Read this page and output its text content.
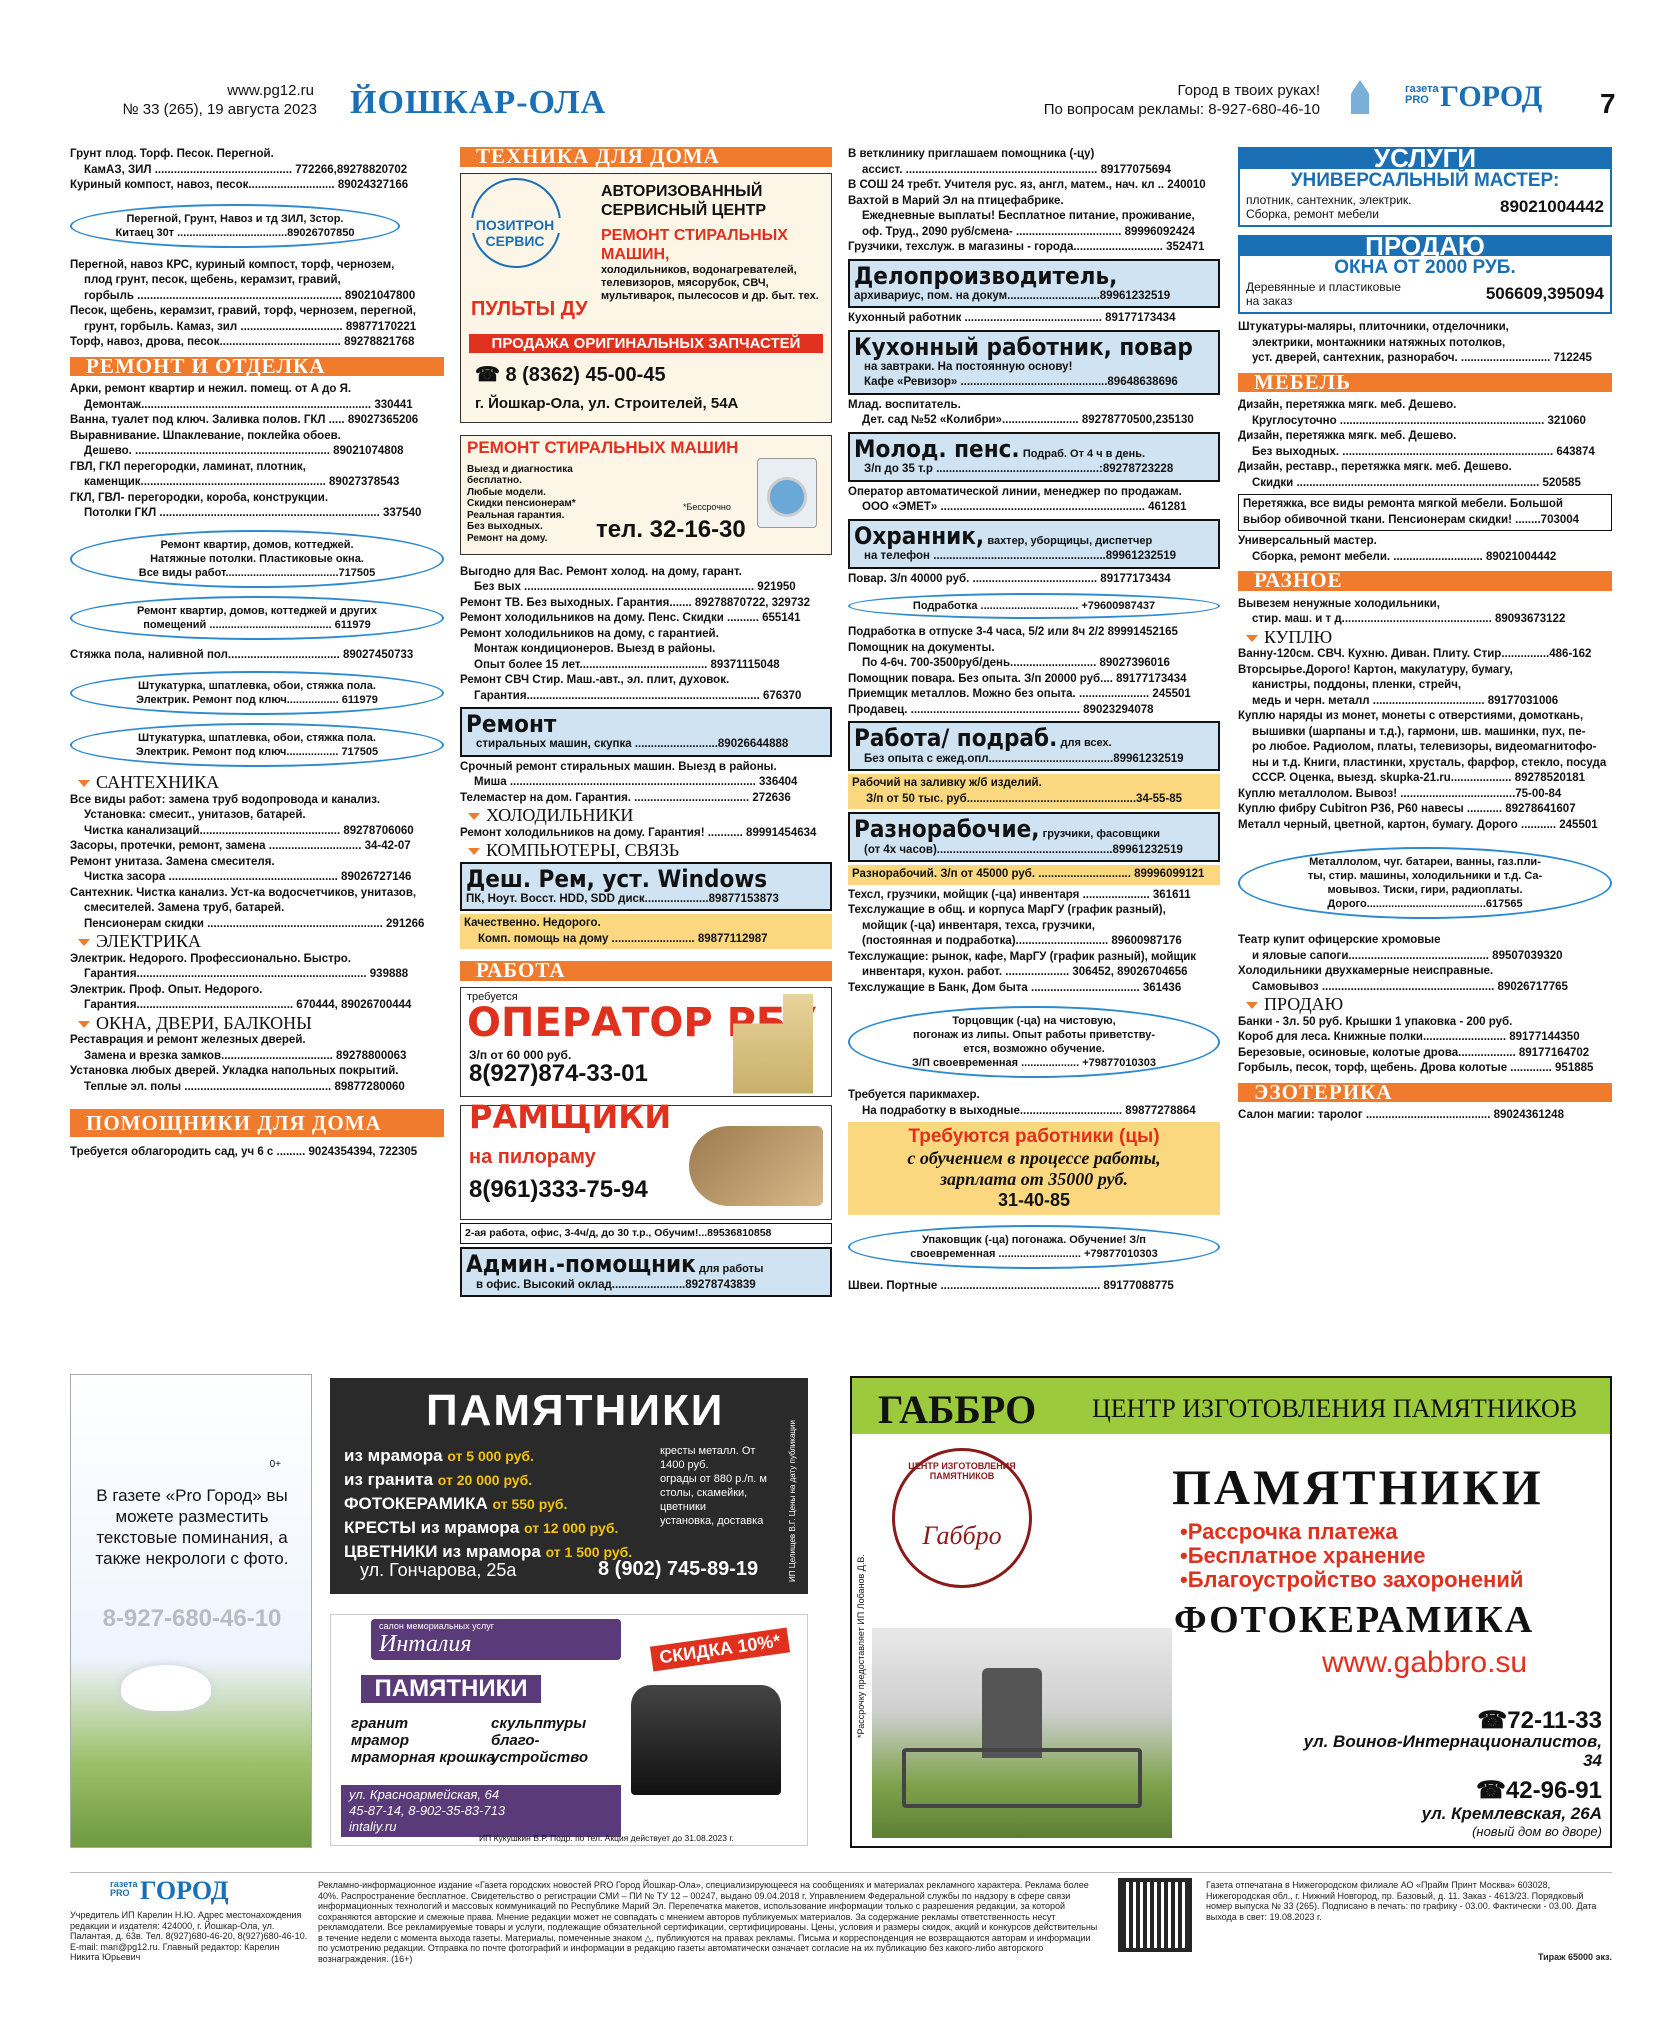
www.pg12.ru
№ 33 (265), 19 августа 2023 ЙОШКАР-ОЛА	Город в твоих руках!
По вопросам рекламы: 8-927-680-46-10
газета PRO ГОРОД 7
Грунт плод. Торф. Песок. Перегной.
КамАЗ, ЗИЛ ........................................... 772266,89278820702
Куриный компост, навоз, песок........................... 89024327166
Перегной, Грунт, Навоз и тд ЗИЛ, 3стор.
Китаец 30т ....................................89026707850
Перегной, навоз КРС, куриный компост, торф, чернозем,
плод грунт, песок, щебень, керамзит, гравий,
горбыль ................................................................ 89021047800
Песок, щебень, керамзит, гравий, торф, чернозем, перегной,
грунт, горбыль. Камаз, зил ................................ 89877170221
Торф, навоз, дрова, песок...................................... 89278821768
РЕМОНТ И ОТДЕЛКА
Арки, ремонт квартир и нежил. помещ. от А до Я.
Демонтаж........................................................................ 330441
Ванна, туалет под ключ. Заливка полов. ГКЛ ..... 89027365206
Выравнивание. Шпаклевание, поклейка обоев.
Дешево. ............................................................. 89021074808
ГВЛ, ГКЛ перегородки, ламинат, плотник,
каменщик.......................................................... 89027378543
ГКЛ, ГВЛ- перегородки, короба, конструкции.
Потолки ГКЛ ..................................................................... 337540
Ремонт квартир, домов, коттеджей.
Натяжные потолки. Пластиковые окна.
Все виды работ.....................................717505
Ремонт квартир, домов, коттеджей и других
помещений ........................................ 611979
Стяжка пола, наливной пол................................... 89027450733
Штукатурка, шпатлевка, обои, стяжка пола.
Электрик. Ремонт под ключ................. 611979
Штукатурка, шпатлевка, обои, стяжка пола.
Электрик. Ремонт под ключ................. 717505
САНТЕХНИКА
Все виды работ: замена труб водопровода и канализ.
Установка: смесит., унитазов, батарей.
Чистка канализаций............................................ 89278706060
Засоры, протечки, ремонт, замена ............................. 34-42-07
Ремонт унитаза. Замена смесителя.
Чистка засора ..................................................... 89026727146
Сантехник. Чистка канализ. Уст-ка водосчетчиков, унитазов,
смесителей. Замена труб, батарей.
Пенсионерам скидки ....................................................... 291266
ЭЛЕКТРИКА
Электрик. Недорого. Профессионально. Быстро.
Гарантия........................................................................ 939888
Электрик. Проф. Опыт. Недорого.
Гарантия................................................. 670444, 89026700444
ОКНА, ДВЕРИ, БАЛКОНЫ
Реставрация и ремонт железных дверей.
Замена и врезка замков................................... 89278800063
Установка любых дверей. Укладка напольных покрытий.
Теплые эл. полы .............................................. 89877280060
ПОМОЩНИКИ ДЛЯ ДОМА
Требуется облагородить сад, уч 6 с ......... 9024354394, 722305
ТЕХНИКА ДЛЯ ДОМА
ПОЗИТРОН
СЕРВИС
АВТОРИЗОВАННЫЙ СЕРВИСНЫЙ ЦЕНТР
РЕМОНТ СТИРАЛЬНЫХ МАШИН,
холодильников, водонагревателей, телевизоров, мясорубок, СВЧ, мультиварок, пылесосов и др. быт. тех.
ПУЛЬТЫ ДУ
ПРОДАЖА ОРИГИНАЛЬНЫХ ЗАПЧАСТЕЙ
☎ 8 (8362) 45-00-45
г. Йошкар-Ола, ул. Строителей, 54А
РЕМОНТ СТИРАЛЬНЫХ МАШИН
Выезд и диагностика бесплатно.
Любые модели.
Скидки пенсионерам*
Реальная гарантия.
Без выходных.
Ремонт на дому.
*Бессрочно
тел. 32-16-30
Выгодно для Вас. Ремонт холод. на дому, гарант.
Без вых ........................................................................ 921950
Ремонт ТВ. Без выходных. Гарантия....... 89278870722, 329732
Ремонт холодильников на дому. Пенс. Скидки .......... 655141
Ремонт холодильников на дому, с гарантией.
Монтаж кондиционеров. Выезд в районы.
Опыт более 15 лет........................................ 89371115048
Ремонт СВЧ Стир. Маш.-авт., эл. плит, духовок.
Гарантия......................................................................... 676370
Ремонт
стиральных машин, скупка ..........................89026644888
Срочный ремонт стиральных машин. Выезд в районы.
Миша ............................................................................. 336404
Телемастер на дом. Гарантия. .................................... 272636
ХОЛОДИЛЬНИКИ
Ремонт холодильников на дому. Гарантия! ........... 89991454634
КОМПЬЮТЕРЫ, СВЯЗЬ
Деш. Рем, уст. Windows
ПК, Ноут. Восст. HDD, SDD диск....................89877153873
Качественно. Недорого.
Комп. помощь на дому .......................... 89877112987
РАБОТА
требуется
ОПЕРАТОР РБУ
З/п от 60 000 руб.
8(927)874-33-01
РАМЩИКИ
на пилораму
8(961)333-75-94
2-ая работа, офис, 3-4ч/д, до 30 т.р., Обучим!...89536810858
Админ.-помощник для работы
в офис. Высокий оклад.......................89278743839
В ветклинику приглашаем помощника (-цу)
ассист. ............................................................ 89177075694
В СОШ 24 требт. Учителя рус. яз, англ, матем., нач. кл .. 240010
Вахтой в Марий Эл на птицефабрике.
Ежедневные выплаты! Бесплатное питание, проживание,
оф. Труд., 2090 руб/смена- ................................. 89996092424
Грузчики, техслуж. в магазины - города............................ 352471
Делопроизводитель,
архивариус, пом. на докум.............................89961232519
Кухонный работник ........................................... 89177173434
Кухонный работник, повар
на завтраки. На постоянную основу!
Кафе «Ревизор» ..............................................89648638696
Млад. воспитатель.
Дет. сад №52 «Колибри»........................ 89278770500,235130
Молод. пенс. Подраб. От 4 ч в день.
З/п до 35 т.р ...................................................:89278723228
Оператор автоматической линии, менеджер по продажам.
ООО «ЭМЕТ» ................................................................ 461281
Охранник, вахтер, уборщицы, диспетчер
на телефон ......................................................89961232519
Повар. З/п 40000 руб. ....................................... 89177173434
Подработка ................................ +79600987437
Подработка в отпуске 3-4 часа, 5/2 или 8ч 2/2 89991452165
Помощник на документы.
По 4-6ч. 700-3500руб/день........................... 89027396016
Помощник повара. Без опыта. З/п 20000 руб.... 89177173434
Приемщик металлов. Можно без опыта. ...................... 245501
Продавец. ..................................................... 89023294078
Работа/ подраб. для всех.
Без опыта с ежед.опл.......................................89961232519
Рабочий на заливку ж/б изделий.
З/п от 50 тыс. руб.....................................................34-55-85
Разнорабочие, грузчики, фасовщики
(от 4х часов).......................................................89961232519
Разнорабочий. З/п от 45000 руб. ............................. 89996099121
Техсл, грузчики, мойщик (-ца) инвентаря ..................... 361611
Техслужащие в общ. и корпуса МарГУ (график разный),
мойщик (-ца) инвентаря, техса, грузчики,
(постоянная и подработка)............................. 89600987176
Техслужащие: рынок, кафе, МарГУ (график разный), мойщик
инвентаря, кухон. работ. .................... 306452, 89026704656
Техслужащие в Банк, Дом быта .................................. 361436
Торцовщик (-ца) на чистовую,
погонаж из липы. Опыт работы приветству-
ется, возможно обучение.
З/П своевременная ................... +79877010303
Требуется парикмахер.
На подработку в выходные................................ 89877278864
Требуются работники (цы)
с обучением в процессе работы,
зарплата от 35000 руб.
31-40-85
Упаковщик (-ца) погонажа. Обучение! З/п
своевременная ........................... +79877010303
Швеи. Портные .................................................. 89177088775
УСЛУГИ
УНИВЕРСАЛЬНЫЙ МАСТЕР:
плотник, сантехник, электрик.
Сборка, ремонт мебели	89021004442
ПРОДАЮ
ОКНА ОТ 2000 РУБ.
Деревянные и пластиковые
на заказ	506609,395094
Штукатуры-маляры, плиточники, отделочники,
электрики, монтажники натяжных потолков,
уст. дверей, сантехник, разнорабоч. ............................ 712245
МЕБЕЛЬ
Дизайн, перетяжка мягк. меб. Дешево.
Круглосуточно ................................................................ 321060
Дизайн, перетяжка мягк. меб. Дешево.
Без выходных. .................................................................. 643874
Дизайн, реставр., перетяжка мягк. меб. Дешево.
Скидки ............................................................................ 520585
Перетяжка, все виды ремонта мягкой мебели. Большой
выбор обивочной ткани. Пенсионерам скидки! ........703004
Универсальный мастер.
Сборка, ремонт мебели. ............................ 89021004442
РАЗНОЕ
Вывезем ненужные холодильники,
стир. маш. и т д............................................... 89093673122
КУПЛЮ
Ванну-120см. СВЧ. Кухню. Диван. Плиту. Стир...............486-162
Вторсырье.Дорого! Картон, макулатуру, бумагу,
канистры, поддоны, пленки, стрейч,
медь и черн. металл ................................... 89177031006
Куплю наряды из монет, монеты с отверстиями, домоткань,
вышивки (шарпаны и т.д.), гармони, шв. машинки, пух, пе-
ро любое. Радиолом, платы, телевизоры, видеомагнитофо-
ны и т.д. Книги, пластинки, хрусталь, фарфор, стекло, посуда
СССР. Оценка, выезд. skupka-21.ru................... 89278520181
Куплю металлолом. Вывоз! ....................................75-00-84
Куплю фибру Cubitron P36, P60 навесы ........... 89278641607
Металл черный, цветной, картон, бумагу. Дорого ........... 245501
Металлолом, чуг. батареи, ванны, газ.пли-
ты, стир. машины, холодильники и т.д. Са-
мовывоз. Тиски, гири, радиоплаты.
Дорого.......................................617565
Театр купит офицерские хромовые
и яловые сапоги............................................ 89507039320
Холодильники двухкамерные неисправные.
Самовывоз ...................................................... 89026717765
ПРОДАЮ
Банки - 3л. 50 руб. Крышки 1 упаковка - 200 руб.
Короб для леса. Книжные полки.......................... 89177144350
Березовые, осиновые, колотые дрова.................. 89177164702
Горбыль, песок, торф, щебень. Дрова колотые ............. 951885
ЭЗОТЕРИКА
Салон магии: таролог ....................................... 89024361248
0+
В газете «Pro Город» вы можете разместить текстовые поминания, а также некрологи с фото.
8-927-680-46-10
ПАМЯТНИКИ
из мрамора от 5 000 руб.
из гранита от 20 000 руб.
ФОТОКЕРАМИКА от 550 руб.
КРЕСТЫ из мрамора от 12 000 руб.
ЦВЕТНИКИ из мрамора от 1 500 руб.
кресты металл. От 1400 руб.
ограды от 880 р./п. м
столы, скамейки, цветники
установка, доставка
ул. Гончарова, 25а	8 (902) 745-89-19	ИП Целищев В.Г. Цены на дату публикации
салон мемориальных услуг
Инталия
ПАМЯТНИКИ
СКИДКА 10%*
гранит
мрамор
мраморная крошка
скульптуры
благо-устройство
ул. Красноармейская, 64
45-87-14, 8-902-35-83-713
intaliy.ru
ИП Кукушкин В.Р. Подр. по тел. Акция действует до 31.08.2023 г.
ГАББРО ЦЕНТР ИЗГОТОВЛЕНИЯ ПАМЯТНИКОВ
ЦЕНТР ИЗГОТОВЛЕНИЯ ПАМЯТНИКОВ
Габбро
ПАМЯТНИКИ
•Рассрочка платежа
•Бесплатное хранение
•Благоустройство захоронений
ФОТОКЕРАМИКА
www.gabbro.su
☎72-11-33
ул. Воинов-Интернационалистов, 34
☎42-96-91
ул. Кремлевская, 26А
(новый дом во дворе)
*Рассрочку предоставляет ИП Лобанов Д.В.
газета PRO ГОРОД
Учредитель ИП Карелин Н.Ю. Адрес местонахождения редакции и издателя: 424000, г. Йошкар-Ола, ул. Палантая, д. 63в. Тел. 8(927)680-46-20, 8(927)680-46-10. E-mail: mari@pg12.ru. Главный редактор: Карелин Никита Юрьевич
Рекламно-информационное издание «Газета городских новостей PRO Город Йошкар-Ола», специализирующееся на сообщениях и материалах рекламного характера. Реклама более 40%. Распространение бесплатное. Свидетельство о регистрации СМИ – ПИ № ТУ 12 – 00247, выдано 09.04.2018 г. Управлением Федеральной службы по надзору в сфере связи информационных технологий и массовых коммуникаций по Республике Марий Эл. Перепечатка макетов, использование информации только с разрешения редакции, за которой сохраняются авторские и смежные права. Мнение редакции может не совпадать с мнением авторов публикуемых материалов. За содержание рекламы ответственность несут рекламодатели. Все рекламируемые товары и услуги, подлежащие обязательной сертификации, сертифицированы. Цены, условия и размеры скидок, акций и конкурсов действительны в течение недели с момента выхода газеты. Материалы, помеченные знаком △, публикуются на правах рекламы. Письма и корреспонденция не возвращаются авторам и информации по усмотрению редакции. Отправка по почте фотографий и информации в редакцию газеты автоматически означает согласие на их публикацию без какого-либо авторского вознаграждения. (16+)
Газета отпечатана в Нижегородском филиале АО «Прайм Принт Москва» 603028, Нижегородская обл., г. Нижний Новгород, пр. Базовый, д. 11. Заказ - 4613/23. Порядковый номер выпуска № 33 (265). Подписано в печать: по графику - 03.00. Фактически - 03.00. Дата выхода в свет: 19.08.2023 г.
Тираж 65000 экз.
